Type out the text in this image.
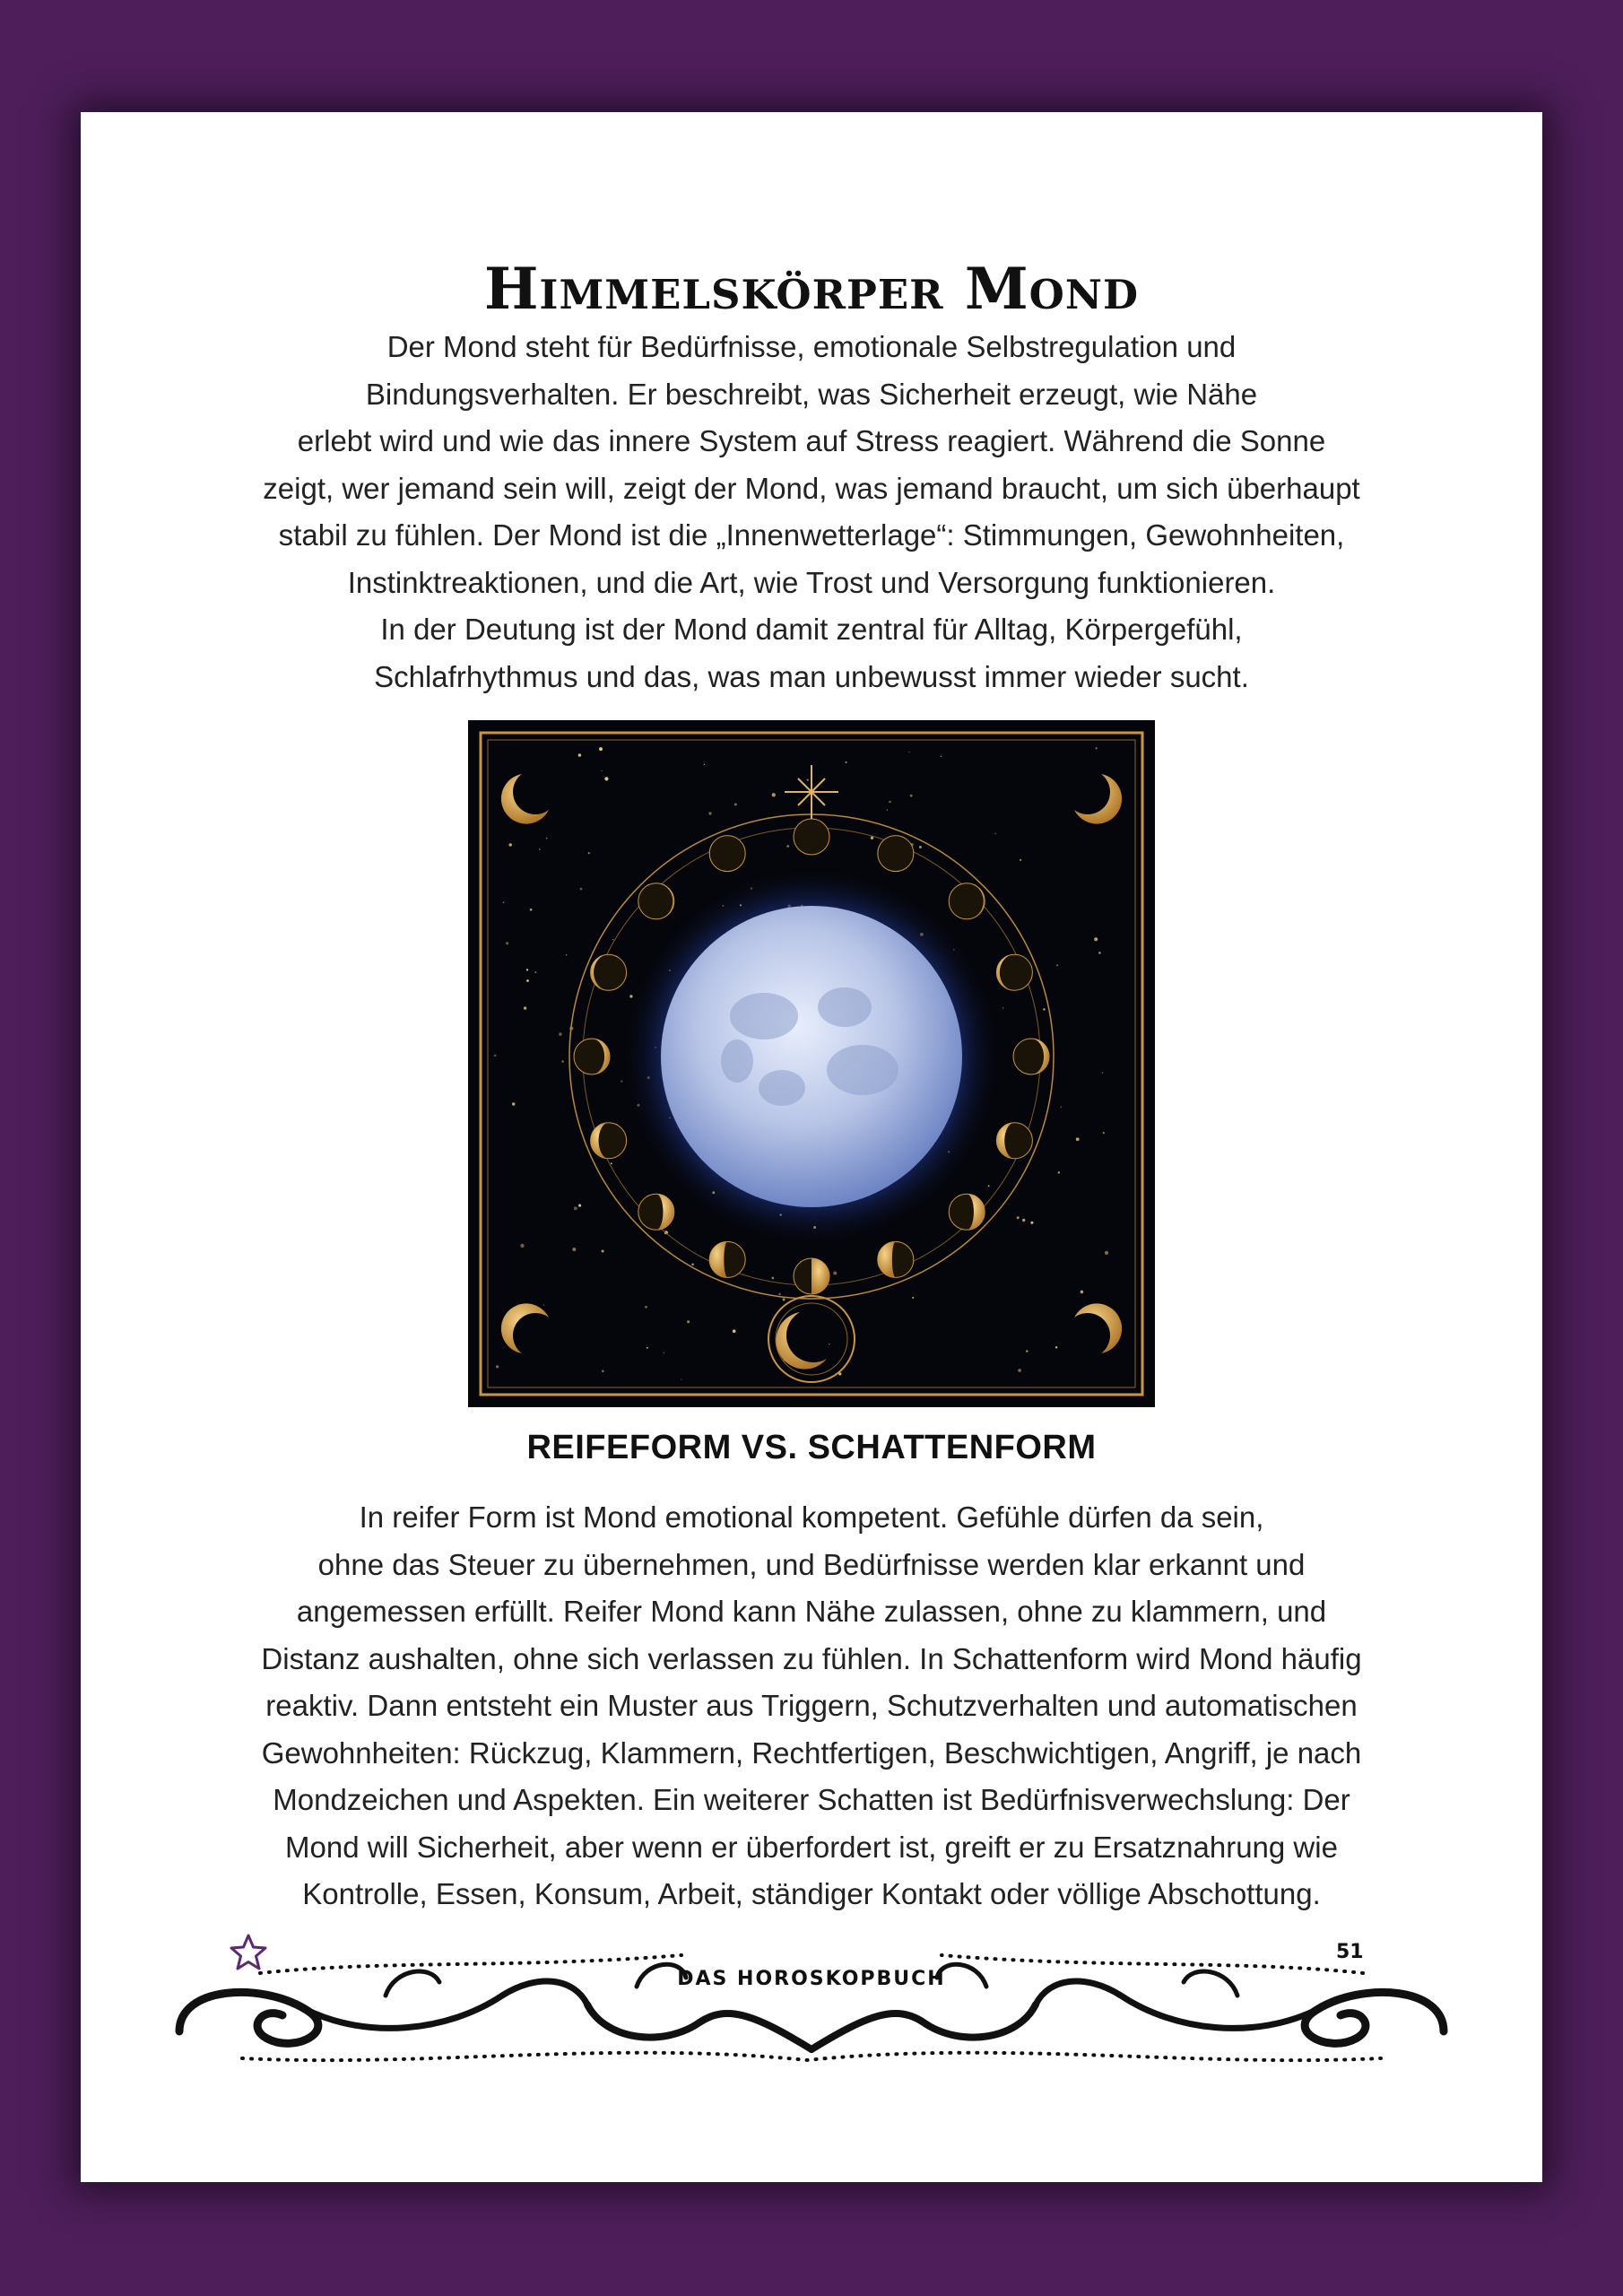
Himmelskörper Mond

Der Mond steht für Bedürfnisse, emotionale Selbstregulation und
Bindungsverhalten. Er beschreibt, was Sicherheit erzeugt, wie Nähe
erlebt wird und wie das innere System auf Stress reagiert. Während die Sonne
zeigt, wer jemand sein will, zeigt der Mond, was jemand braucht, um sich überhaupt
stabil zu fühlen. Der Mond ist die „Innenwetterlage“: Stimmungen, Gewohnheiten,
Instinktreaktionen, und die Art, wie Trost und Versorgung funktionieren.
In der Deutung ist der Mond damit zentral für Alltag, Körpergefühl,
Schlafrhythmus und das, was man unbewusst immer wieder sucht.

REIFEFORM VS. SCHATTENFORM

In reifer Form ist Mond emotional kompetent. Gefühle dürfen da sein,
ohne das Steuer zu übernehmen, und Bedürfnisse werden klar erkannt und
angemessen erfüllt. Reifer Mond kann Nähe zulassen, ohne zu klammern, und
Distanz aushalten, ohne sich verlassen zu fühlen. In Schattenform wird Mond häufig
reaktiv. Dann entsteht ein Muster aus Triggern, Schutzverhalten und automatischen
Gewohnheiten: Rückzug, Klammern, Rechtfertigen, Beschwichtigen, Angriff, je nach
Mondzeichen und Aspekten. Ein weiterer Schatten ist Bedürfnisverwechslung: Der
Mond will Sicherheit, aber wenn er überfordert ist, greift er zu Ersatznahrung wie
Kontrolle, Essen, Konsum, Arbeit, ständiger Kontakt oder völlige Abschottung.

DAS HOROSKOPBUCH
51
